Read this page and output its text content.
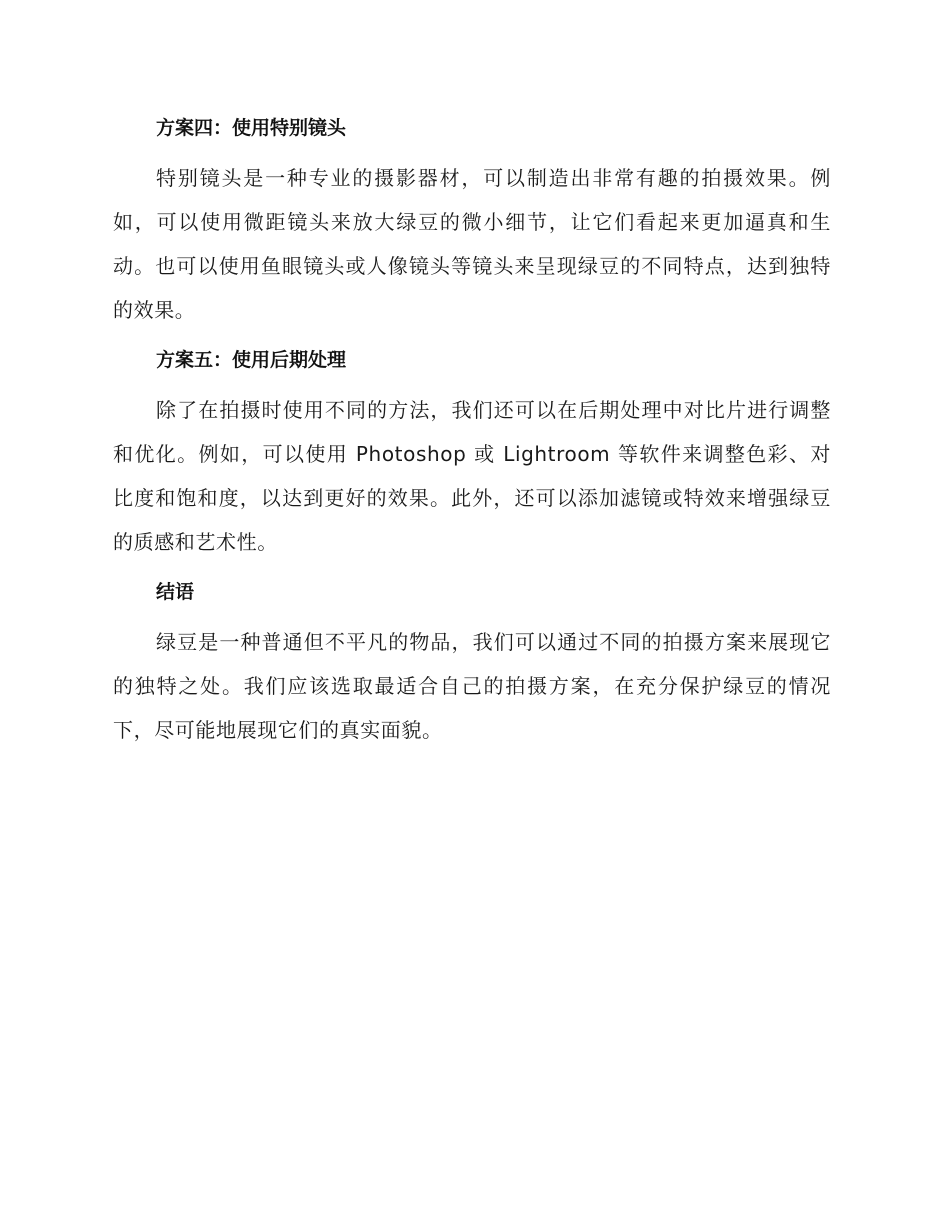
方案四：使用特别镜头

特别镜头是一种专业的摄影器材，可以制造出非常有趣的拍摄效果。例如，可以使用微距镜头来放大绿豆的微小细节，让它们看起来更加逼真和生动。也可以使用鱼眼镜头或人像镜头等镜头来呈现绿豆的不同特点，达到独特的效果。

方案五：使用后期处理

除了在拍摄时使用不同的方法，我们还可以在后期处理中对比片进行调整和优化。例如，可以使用 Photoshop 或 Lightroom 等软件来调整色彩、对比度和饱和度，以达到更好的效果。此外，还可以添加滤镜或特效来增强绿豆的质感和艺术性。

结语

绿豆是一种普通但不平凡的物品，我们可以通过不同的拍摄方案来展现它的独特之处。我们应该选取最适合自己的拍摄方案，在充分保护绿豆的情况下，尽可能地展现它们的真实面貌。
